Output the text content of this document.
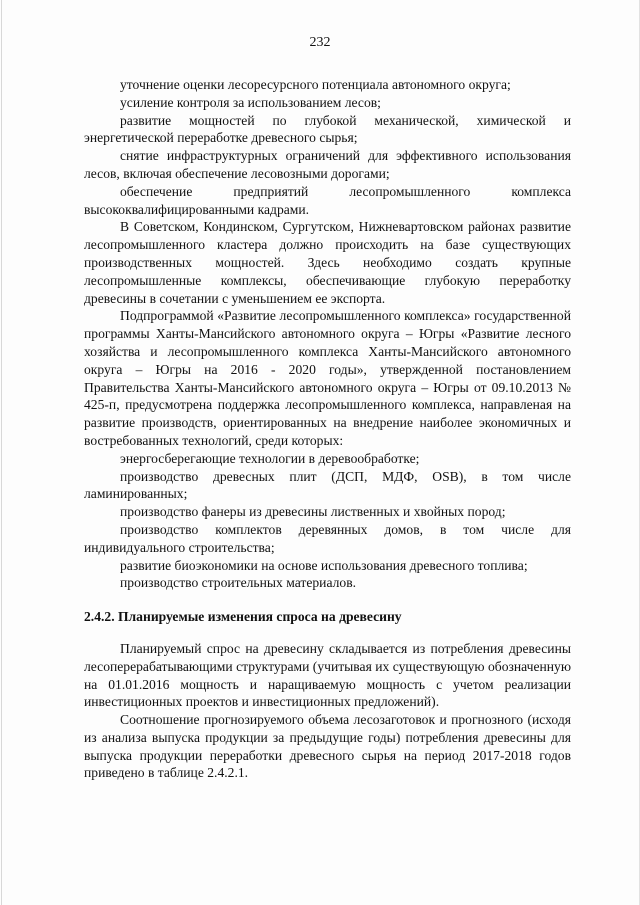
232

уточнение оценки лесоресурсного потенциала автономного округа;

усиление контроля за использованием лесов;

развитие мощностей по глубокой механической, химической и энергетической переработке древесного сырья;

снятие инфраструктурных ограничений для эффективного использования лесов, включая обеспечение лесовозными дорогами;

обеспечение предприятий лесопромышленного комплекса высококвалифицированными кадрами.

В Советском, Кондинском, Сургутском, Нижневартовском районах развитие лесопромышленного кластера должно происходить на базе существующих производственных мощностей. Здесь необходимо создать крупные лесопромышленные комплексы, обеспечивающие глубокую переработку древесины в сочетании с уменьшением ее экспорта.

Подпрограммой «Развитие лесопромышленного комплекса» государственной программы Ханты-Мансийского автономного округа – Югры «Развитие лесного хозяйства и лесопромышленного комплекса Ханты-Мансийского автономного округа – Югры на 2016 - 2020 годы», утвержденной постановлением Правительства Ханты-Мансийского автономного округа – Югры от 09.10.2013 № 425-п, предусмотрена поддержка лесопромышленного комплекса, направленая на развитие производств, ориентированных на внедрение наиболее экономичных и востребованных технологий, среди которых:

энергосберегающие технологии в деревообработке;

производство древесных плит (ДСП, МДФ, OSB), в том числе ламинированных;

производство фанеры из древесины лиственных и хвойных пород;

производство комплектов деревянных домов, в том числе для индивидуального строительства;

развитие биоэкономики на основе использования древесного топлива;

производство строительных материалов.

2.4.2. Планируемые изменения спроса на древесину

Планируемый спрос на древесину складывается из потребления древесины лесоперерабатывающими структурами (учитывая их существующую обозначенную на 01.01.2016 мощность и наращиваемую мощность с учетом реализации инвестиционных проектов и инвестиционных предложений).

Соотношение прогнозируемого объема лесозаготовок и прогнозного (исходя из анализа выпуска продукции за предыдущие годы) потребления древесины для выпуска продукции переработки древесного сырья на период 2017-2018 годов приведено в таблице 2.4.2.1.
